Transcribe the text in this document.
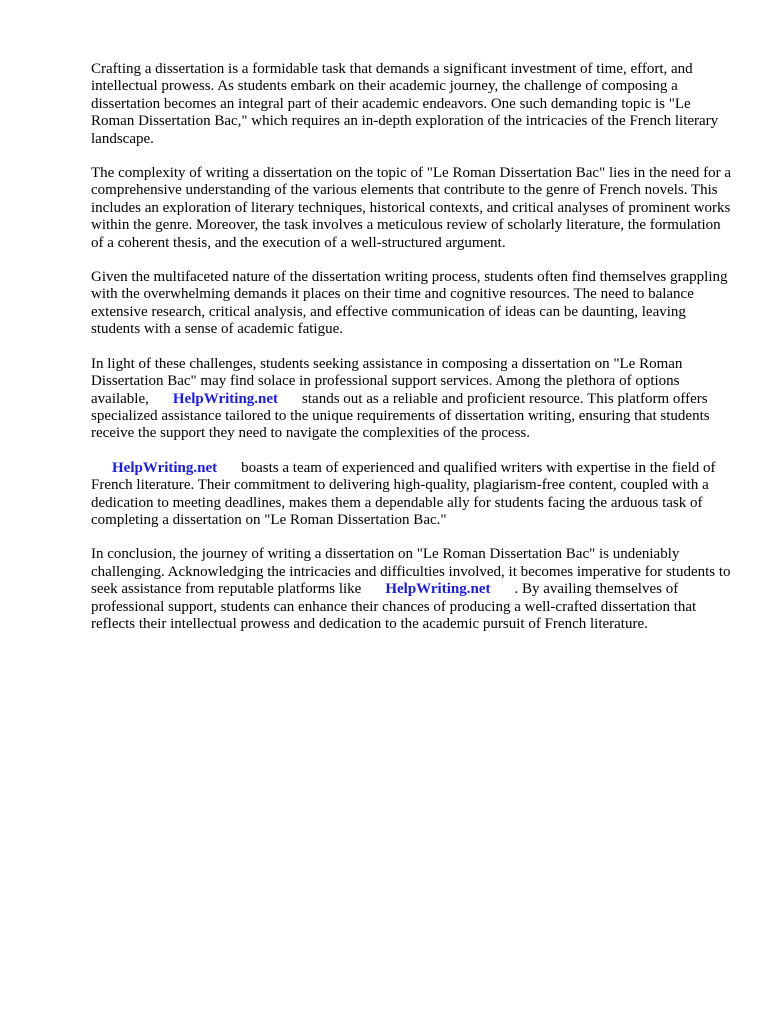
Crafting a dissertation is a formidable task that demands a significant investment of time, effort, and intellectual prowess. As students embark on their academic journey, the challenge of composing a dissertation becomes an integral part of their academic endeavors. One such demanding topic is "Le Roman Dissertation Bac," which requires an in-depth exploration of the intricacies of the French literary landscape.

The complexity of writing a dissertation on the topic of "Le Roman Dissertation Bac" lies in the need for a comprehensive understanding of the various elements that contribute to the genre of French novels. This includes an exploration of literary techniques, historical contexts, and critical analyses of prominent works within the genre. Moreover, the task involves a meticulous review of scholarly literature, the formulation of a coherent thesis, and the execution of a well-structured argument.

Given the multifaceted nature of the dissertation writing process, students often find themselves grappling with the overwhelming demands it places on their time and cognitive resources. The need to balance extensive research, critical analysis, and effective communication of ideas can be daunting, leaving students with a sense of academic fatigue.

In light of these challenges, students seeking assistance in composing a dissertation on "Le Roman Dissertation Bac" may find solace in professional support services. Among the plethora of options available, HelpWriting.net stands out as a reliable and proficient resource. This platform offers specialized assistance tailored to the unique requirements of dissertation writing, ensuring that students receive the support they need to navigate the complexities of the process.

HelpWriting.net boasts a team of experienced and qualified writers with expertise in the field of French literature. Their commitment to delivering high-quality, plagiarism-free content, coupled with a dedication to meeting deadlines, makes them a dependable ally for students facing the arduous task of completing a dissertation on "Le Roman Dissertation Bac."

In conclusion, the journey of writing a dissertation on "Le Roman Dissertation Bac" is undeniably challenging. Acknowledging the intricacies and difficulties involved, it becomes imperative for students to seek assistance from reputable platforms like HelpWriting.net . By availing themselves of professional support, students can enhance their chances of producing a well-crafted dissertation that reflects their intellectual prowess and dedication to the academic pursuit of French literature.
